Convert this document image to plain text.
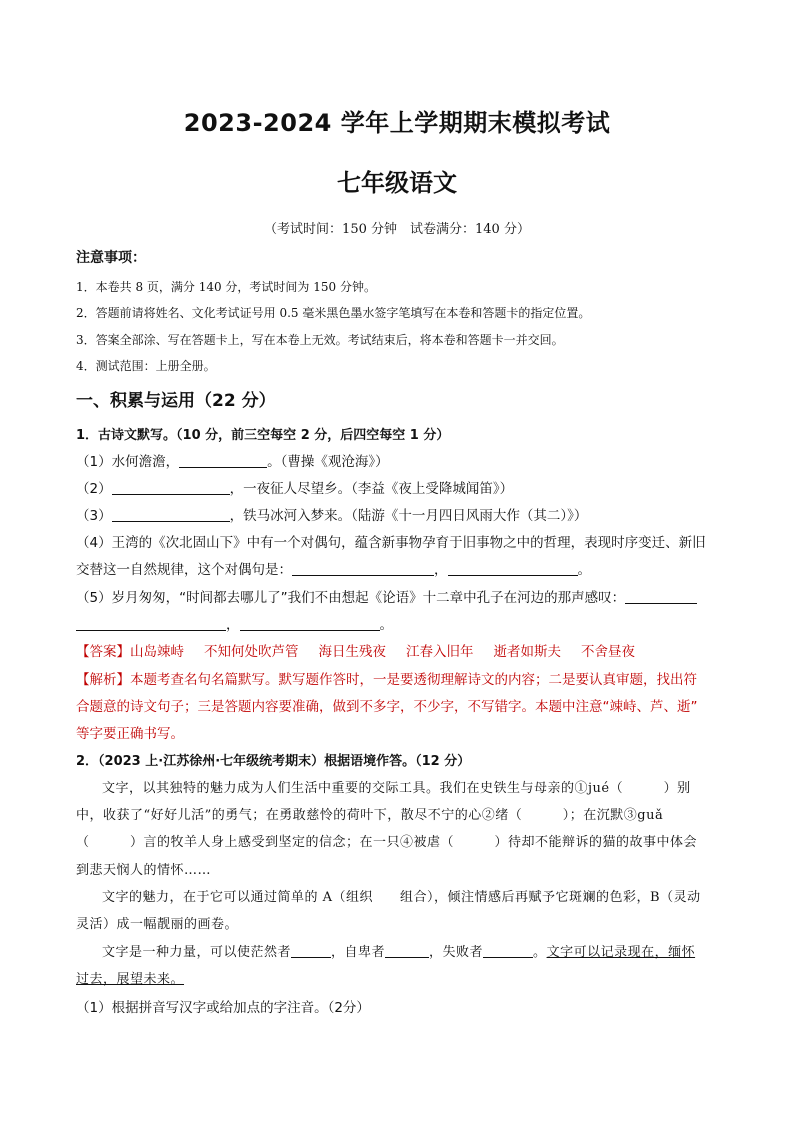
2023-2024 学年上学期期末模拟考试
七年级语文
（考试时间：150 分钟　试卷满分：140 分）
注意事项：
1．本卷共 8 页，满分 140 分，考试时间为 150 分钟。
2．答题前请将姓名、文化考试证号用 0.5 毫米黑色墨水签字笔填写在本卷和答题卡的指定位置。
3．答案全部涂、写在答题卡上，写在本卷上无效。考试结束后，将本卷和答题卡一并交回。
4．测试范围：上册全册。
一、积累与运用（22 分）
1．古诗文默写。（10 分，前三空每空 2 分，后四空每空 1 分）
（1）水何澹澹，	。（曹操《观沧海》）
（2）	，一夜征人尽望乡。（李益《夜上受降城闻笛》）
（3）	，铁马冰河入梦来。（陆游《十一月四日风雨大作（其二）》）
（4）王湾的《次北固山下》中有一个对偶句，蕴含新事物孕育于旧事物之中的哲理，表现时序变迁、新旧
交替这一自然规律，这个对偶句是：	，	。
（5）岁月匆匆，“时间都去哪儿了”我们不由想起《论语》十二章中孔子在河边的那声感叹：
，	。
【答案】山岛竦峙 不知何处吹芦管 海日生残夜 江春入旧年 逝者如斯夫 不舍昼夜
【解析】本题考查名句名篇默写。默写题作答时，一是要透彻理解诗文的内容；二是要认真审题，找出符
合题意的诗文句子；三是答题内容要准确，做到不多字，不少字，不写错字。本题中注意“竦峙、芦、逝”
等字要正确书写。
2．（2023 上·江苏徐州·七年级统考期末）根据语境作答。（12 分）
文字，以其独特的魅力成为人们生活中重要的交际工具。我们在史铁生与母亲的①jué（　　　）别
中，收获了“好好儿活”的勇气；在勇敢慈怜的荷叶下，散尽不宁的心②绪（　　　）；在沉默③guǎ
（　　　）言的牧羊人身上感受到坚定的信念；在一只④被虐（　　　）待却不能辩诉的猫的故事中体会
到悲天悯人的情怀……
文字的魅力，在于它可以通过简单的 A（组织　　组合），倾注情感后再赋予它斑斓的色彩，B（灵动
灵活）成一幅靓丽的画卷。
文字是一种力量，可以使茫然者	，自卑者	，失败者	。文字可以记录现在，缅怀
过去，展望未来。
（1）根据拼音写汉字或给加点的字注音。（2分）
